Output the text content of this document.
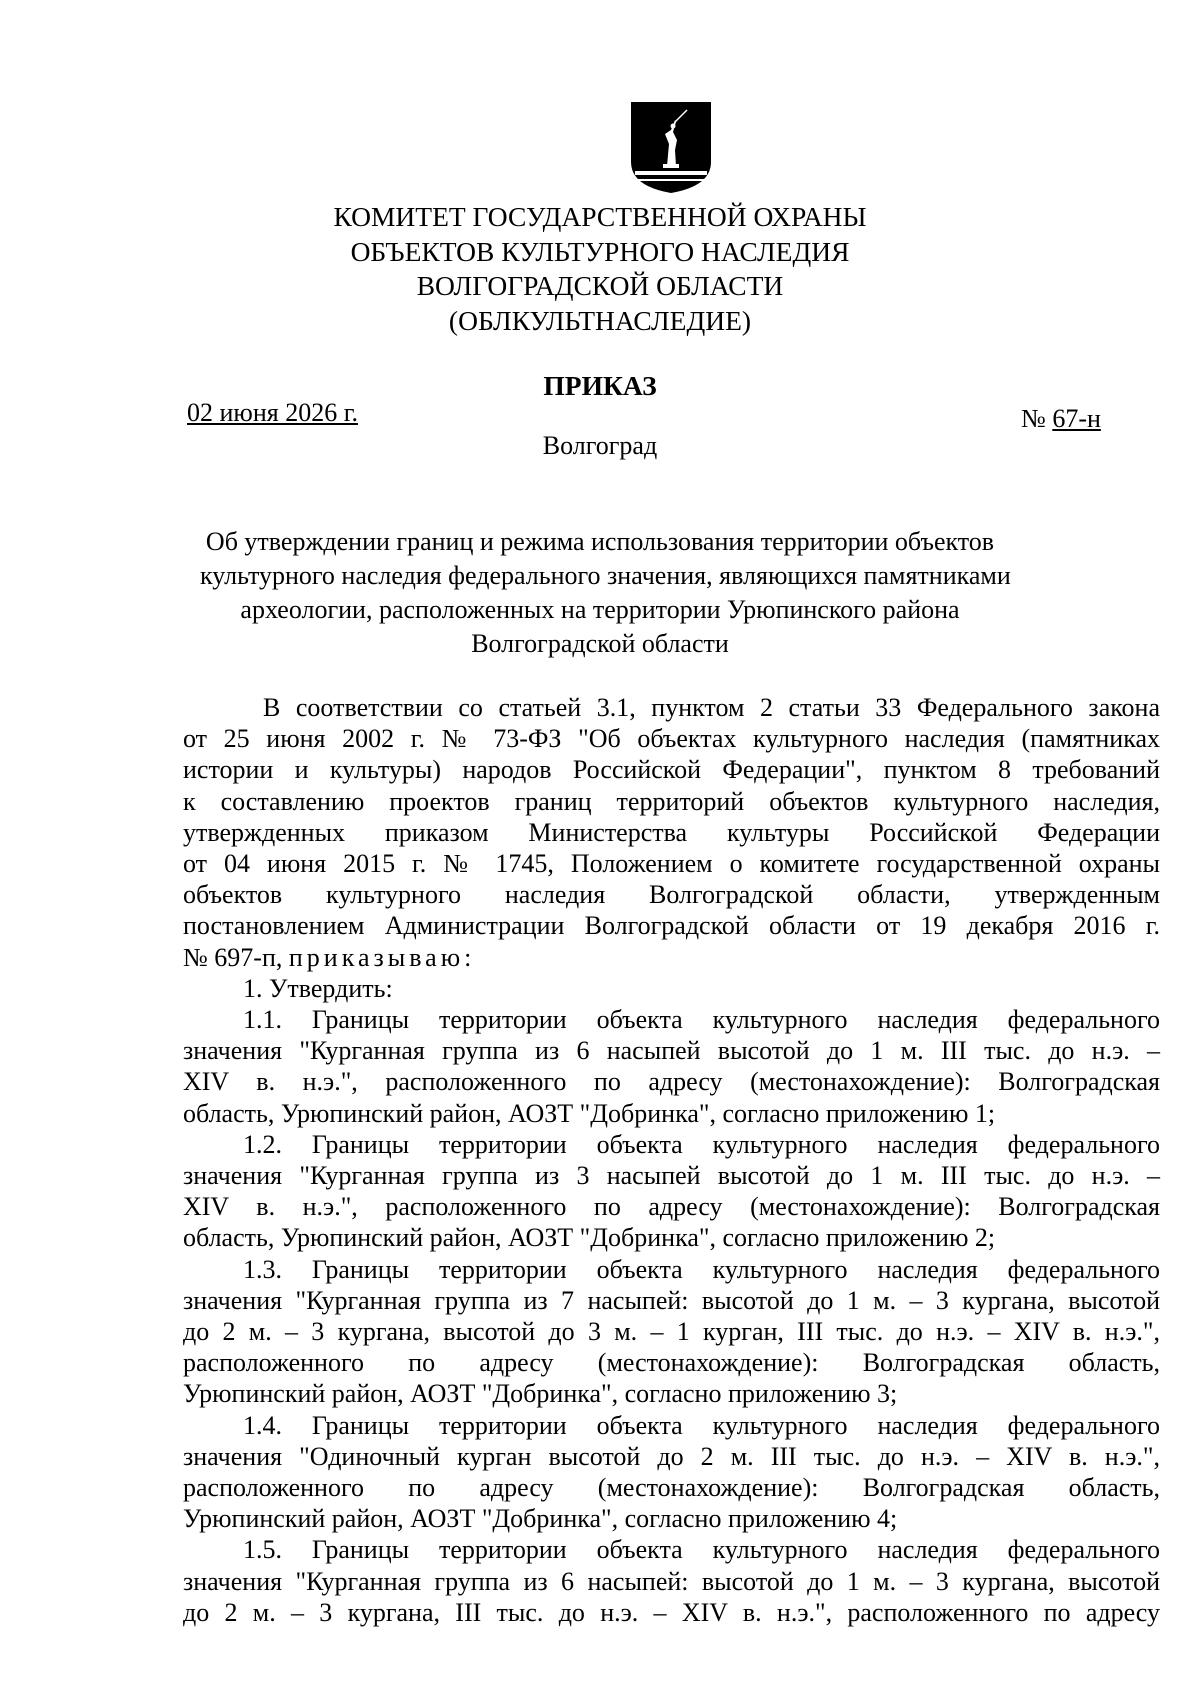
КОМИТЕТ ГОСУДАРСТВЕННОЙ ОХРАНЫ
ОБЪЕКТОВ КУЛЬТУРНОГО НАСЛЕДИЯ
ВОЛГОГРАДСКОЙ ОБЛАСТИ
(ОБЛКУЛЬТНАСЛЕДИЕ)
ПРИКАЗ
02 июня 2026 г.	№ 67-н
Волгоград
Об утверждении границ и режима использования территории объектов
культурного наследия федерального значения, являющихся памятниками
археологии, расположенных на территории Урюпинского района
Волгоградской области
В соответствии со статьей 3.1, пунктом 2 статьи 33 Федерального закона
от 25 июня 2002 г. № 73-ФЗ "Об объектах культурного наследия (памятниках
истории и культуры) народов Российской Федерации", пунктом 8 требований
к составлению проектов границ территорий объектов культурного наследия,
утвержденных приказом Министерства культуры Российской Федерации
от 04 июня 2015 г. № 1745, Положением о комитете государственной охраны
объектов культурного наследия Волгоградской области, утвержденным
постановлением Администрации Волгоградской области от 19 декабря 2016 г.
№ 697-п, приказываю:
1. Утвердить:
1.1. Границы территории объекта культурного наследия федерального
значения "Курганная группа из 6 насыпей высотой до 1 м. III тыс. до н.э. –
XIV в. н.э.", расположенного по адресу (местонахождение): Волгоградская
область, Урюпинский район, АОЗТ "Добринка", согласно приложению 1;
1.2. Границы территории объекта культурного наследия федерального
значения "Курганная группа из 3 насыпей высотой до 1 м. III тыс. до н.э. –
XIV в. н.э.", расположенного по адресу (местонахождение): Волгоградская
область, Урюпинский район, АОЗТ "Добринка", согласно приложению 2;
1.3. Границы территории объекта культурного наследия федерального
значения "Курганная группа из 7 насыпей: высотой до 1 м. – 3 кургана, высотой
до 2 м. – 3 кургана, высотой до 3 м. – 1 курган, III тыс. до н.э. – XIV в. н.э.",
расположенного по адресу (местонахождение): Волгоградская область,
Урюпинский район, АОЗТ "Добринка", согласно приложению 3;
1.4. Границы территории объекта культурного наследия федерального
значения "Одиночный курган высотой до 2 м. III тыс. до н.э. – XIV в. н.э.",
расположенного по адресу (местонахождение): Волгоградская область,
Урюпинский район, АОЗТ "Добринка", согласно приложению 4;
1.5. Границы территории объекта культурного наследия федерального
значения "Курганная группа из 6 насыпей: высотой до 1 м. – 3 кургана, высотой
до 2 м. – 3 кургана, III тыс. до н.э. – XIV в. н.э.", расположенного по адресу
